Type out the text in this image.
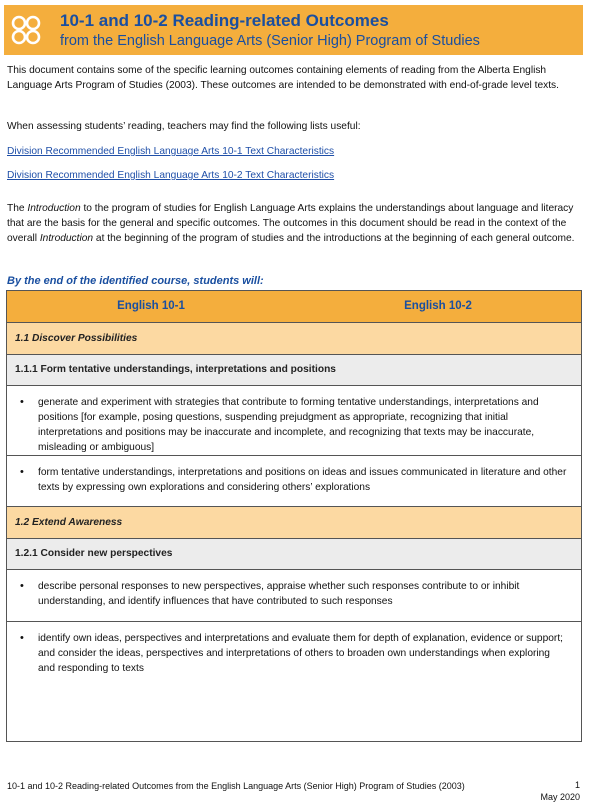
10-1 and 10-2 Reading-related Outcomes
from the English Language Arts (Senior High) Program of Studies

This document contains some of the specific learning outcomes containing elements of reading from the Alberta English Language Arts Program of Studies (2003). These outcomes are intended to be demonstrated with end-of-grade level texts.

When assessing students’ reading, teachers may find the following lists useful:

Division Recommended English Language Arts 10-1 Text Characteristics
Division Recommended English Language Arts 10-2 Text Characteristics

The Introduction to the program of studies for English Language Arts explains the understandings about language and literacy that are the basis for the general and specific outcomes. The outcomes in this document should be read in the context of the overall Introduction at the beginning of the program of studies and the introductions at the beginning of each general outcome.

By the end of the identified course, students will:

English 10-1	English 10-2
1.1 Discover Possibilities
1.1.1 Form tentative understandings, interpretations and positions
• generate and experiment with strategies that contribute to forming tentative understandings, interpretations and positions [for example, posing questions, suspending prejudgment as appropriate, recognizing that initial interpretations and positions may be inaccurate and incomplete, and recognizing that texts may be inaccurate, misleading or ambiguous]
• form tentative understandings, interpretations and positions on ideas and issues communicated in literature and other texts by expressing own explorations and considering others’ explorations
1.2 Extend Awareness
1.2.1 Consider new perspectives
• describe personal responses to new perspectives, appraise whether such responses contribute to or inhibit understanding, and identify influences that have contributed to such responses
• identify own ideas, perspectives and interpretations and evaluate them for depth of explanation, evidence or support; and consider the ideas, perspectives and interpretations of others to broaden own understandings when exploring and responding to texts
10-1 and 10-2 Reading-related Outcomes from the English Language Arts (Senior High) Program of Studies (2003)	1
May 2020
